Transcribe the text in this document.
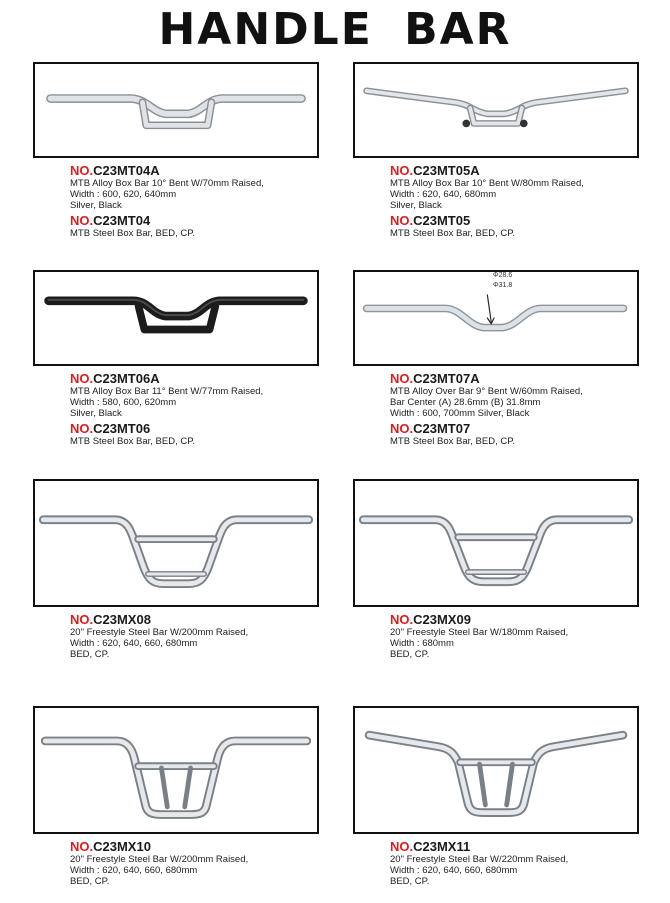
HANDLE BAR

NO.C23MT04A

MTB Alloy Box Bar 10° Bent W/70mm Raised,

Width : 600, 620, 640mm

Silver, Black

NO.C23MT04

MTB Steel Box Bar, BED, CP.

NO.C23MT05A

MTB Alloy Box Bar 10° Bent W/80mm Raised,

Width : 620, 640, 680mm

Silver, Black

NO.C23MT05

MTB Steel Box Bar, BED, CP.

Φ28.6
Φ31.8

NO.C23MT06A

MTB Alloy Box Bar 11° Bent W/77mm Raised,

Width : 580, 600, 620mm

Silver, Black

NO.C23MT06

MTB Steel Box Bar, BED, CP.

NO.C23MT07A

MTB Alloy Over Bar 9° Bent W/60mm Raised,

Bar Center (A) 28.6mm (B) 31.8mm

Width : 600, 700mm Silver, Black

NO.C23MT07

MTB Steel Box Bar, BED, CP.

NO.C23MX08

20" Freestyle Steel Bar W/200mm Raised,

Width : 620, 640, 660, 680mm

BED, CP.

NO.C23MX09

20" Freestyle Steel Bar W/180mm Raised,

Width : 680mm

BED, CP.

NO.C23MX10

20" Freestyle Steel Bar W/200mm Raised,

Width : 620, 640, 660, 680mm

BED, CP.

NO.C23MX11

20" Freestyle Steel Bar W/220mm Raised,

Width : 620, 640, 660, 680mm

BED, CP.
